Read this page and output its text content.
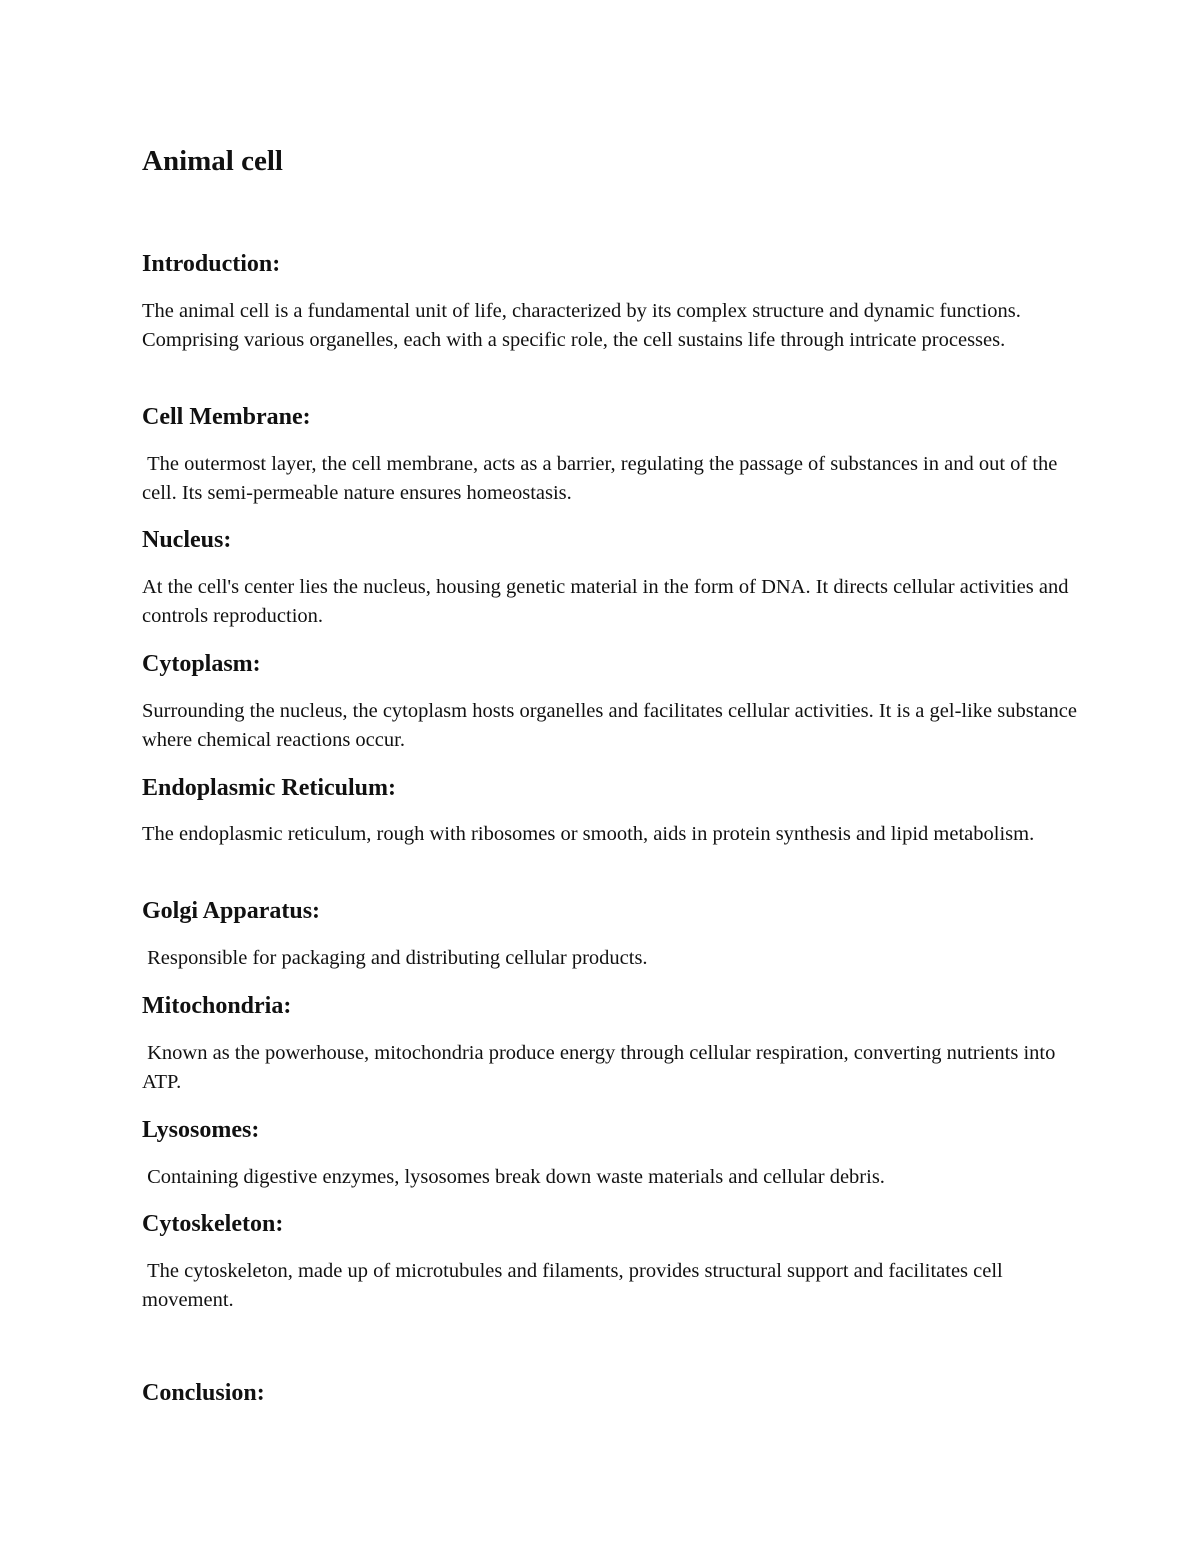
Animal cell
Introduction:

The animal cell is a fundamental unit of life, characterized by its complex structure and dynamic functions. Comprising various organelles, each with a specific role, the cell sustains life through intricate processes.

Cell Membrane:

The outermost layer, the cell membrane, acts as a barrier, regulating the passage of substances in and out of the cell. Its semi-permeable nature ensures homeostasis.

Nucleus:

At the cell's center lies the nucleus, housing genetic material in the form of DNA. It directs cellular activities and controls reproduction.

Cytoplasm:

Surrounding the nucleus, the cytoplasm hosts organelles and facilitates cellular activities. It is a gel-like substance where chemical reactions occur.

Endoplasmic Reticulum:

The endoplasmic reticulum, rough with ribosomes or smooth, aids in protein synthesis and lipid metabolism.

Golgi Apparatus:

Responsible for packaging and distributing cellular products.

Mitochondria:

Known as the powerhouse, mitochondria produce energy through cellular respiration, converting nutrients into ATP.

Lysosomes:

Containing digestive enzymes, lysosomes break down waste materials and cellular debris.

Cytoskeleton:

The cytoskeleton, made up of microtubules and filaments, provides structural support and facilitates cell movement.

Conclusion:
